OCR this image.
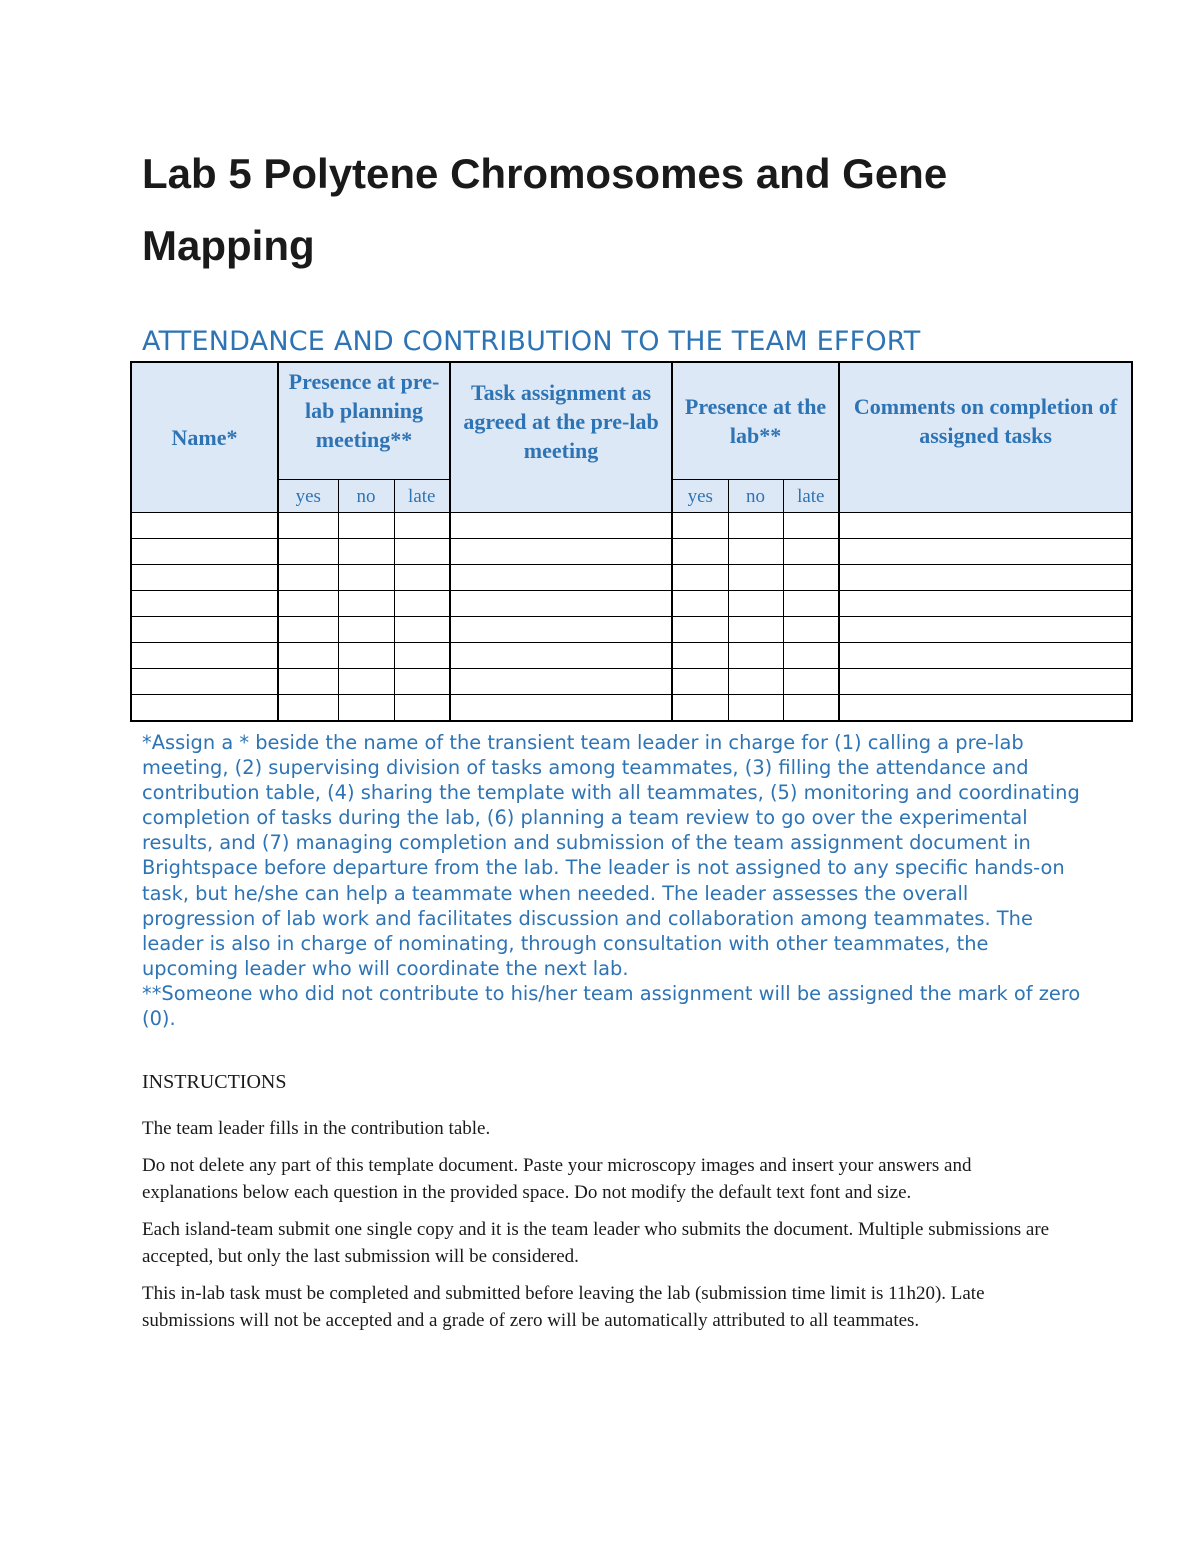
Lab 5 Polytene Chromosomes and Gene Mapping
ATTENDANCE AND CONTRIBUTION TO THE TEAM EFFORT
Name*	Presence at pre-lab planning meeting**			Task assignment as agreed at the pre-lab meeting	Presence at the lab**			Comments on completion of assigned tasks

	yes	no	late		yes	no	late	

*Assign a * beside the name of the transient team leader in charge for (1) calling a pre-lab meeting, (2) supervising division of tasks among teammates, (3) filling the attendance and contribution table, (4) sharing the template with all teammates, (5) monitoring and coordinating completion of tasks during the lab, (6) planning a team review to go over the experimental results, and (7) managing completion and submission of the team assignment document in Brightspace before departure from the lab. The leader is not assigned to any specific hands-on task, but he/she can help a teammate when needed. The leader assesses the overall progression of lab work and facilitates discussion and collaboration among teammates. The leader is also in charge of nominating, through consultation with other teammates, the upcoming leader who will coordinate the next lab.

**Someone who did not contribute to his/her team assignment will be assigned the mark of zero (0).

INSTRUCTIONS

The team leader fills in the contribution table.

Do not delete any part of this template document. Paste your microscopy images and insert your answers and explanations below each question in the provided space. Do not modify the default text font and size.

Each island-team submit one single copy and it is the team leader who submits the document. Multiple submissions are accepted, but only the last submission will be considered.

This in-lab task must be completed and submitted before leaving the lab (submission time limit is 11h20). Late submissions will not be accepted and a grade of zero will be automatically attributed to all teammates.
